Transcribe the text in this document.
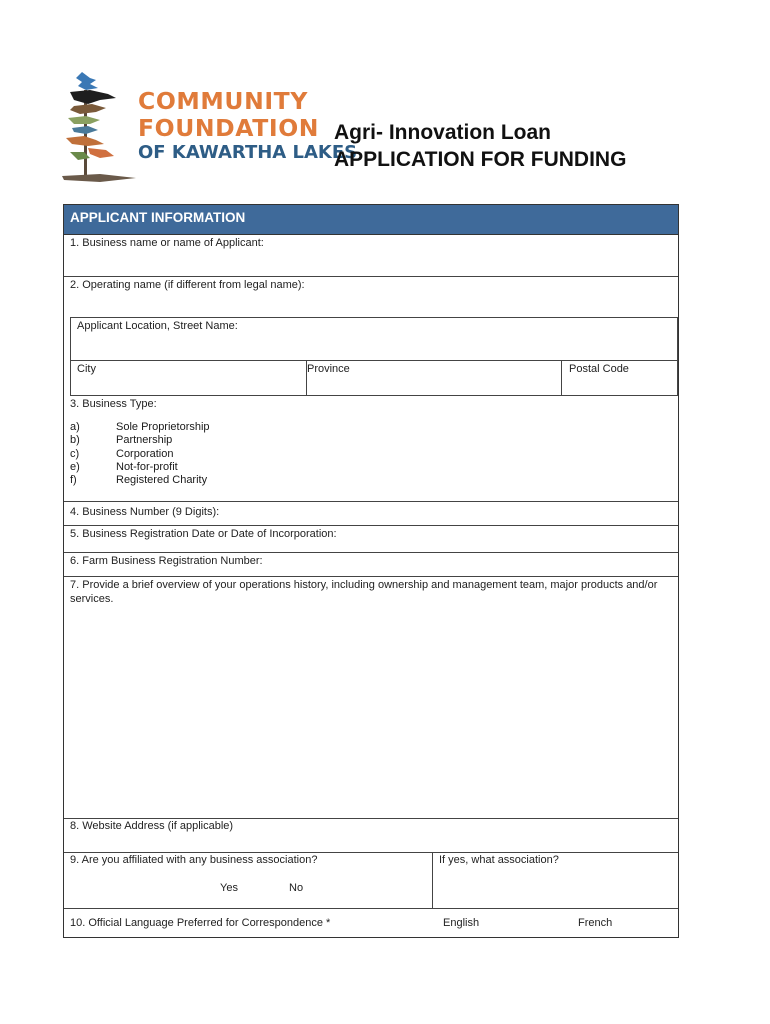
COMMUNITY
FOUNDATION
OF KAWARTHA LAKES
Agri- Innovation Loan
APPLICATION FOR FUNDING
APPLICANT INFORMATION
1. Business name or name of Applicant:
2. Operating name (if different from legal name):
Applicant Location, Street Name:
City	Province	Postal Code
3. Business Type:
a)	Sole Proprietorship
b)	Partnership
c)	Corporation
e)	Not-for-profit
f)	Registered Charity
4. Business Number (9 Digits):
5. Business Registration Date or Date of Incorporation:
6. Farm Business Registration Number:
7. Provide a brief overview of your operations history, including ownership and management team, major products and/or services.
8. Website Address (if applicable)
9. Are you affiliated with any business association?
Yes	No
If yes, what association?
10. Official Language Preferred for Correspondence *	English	French
